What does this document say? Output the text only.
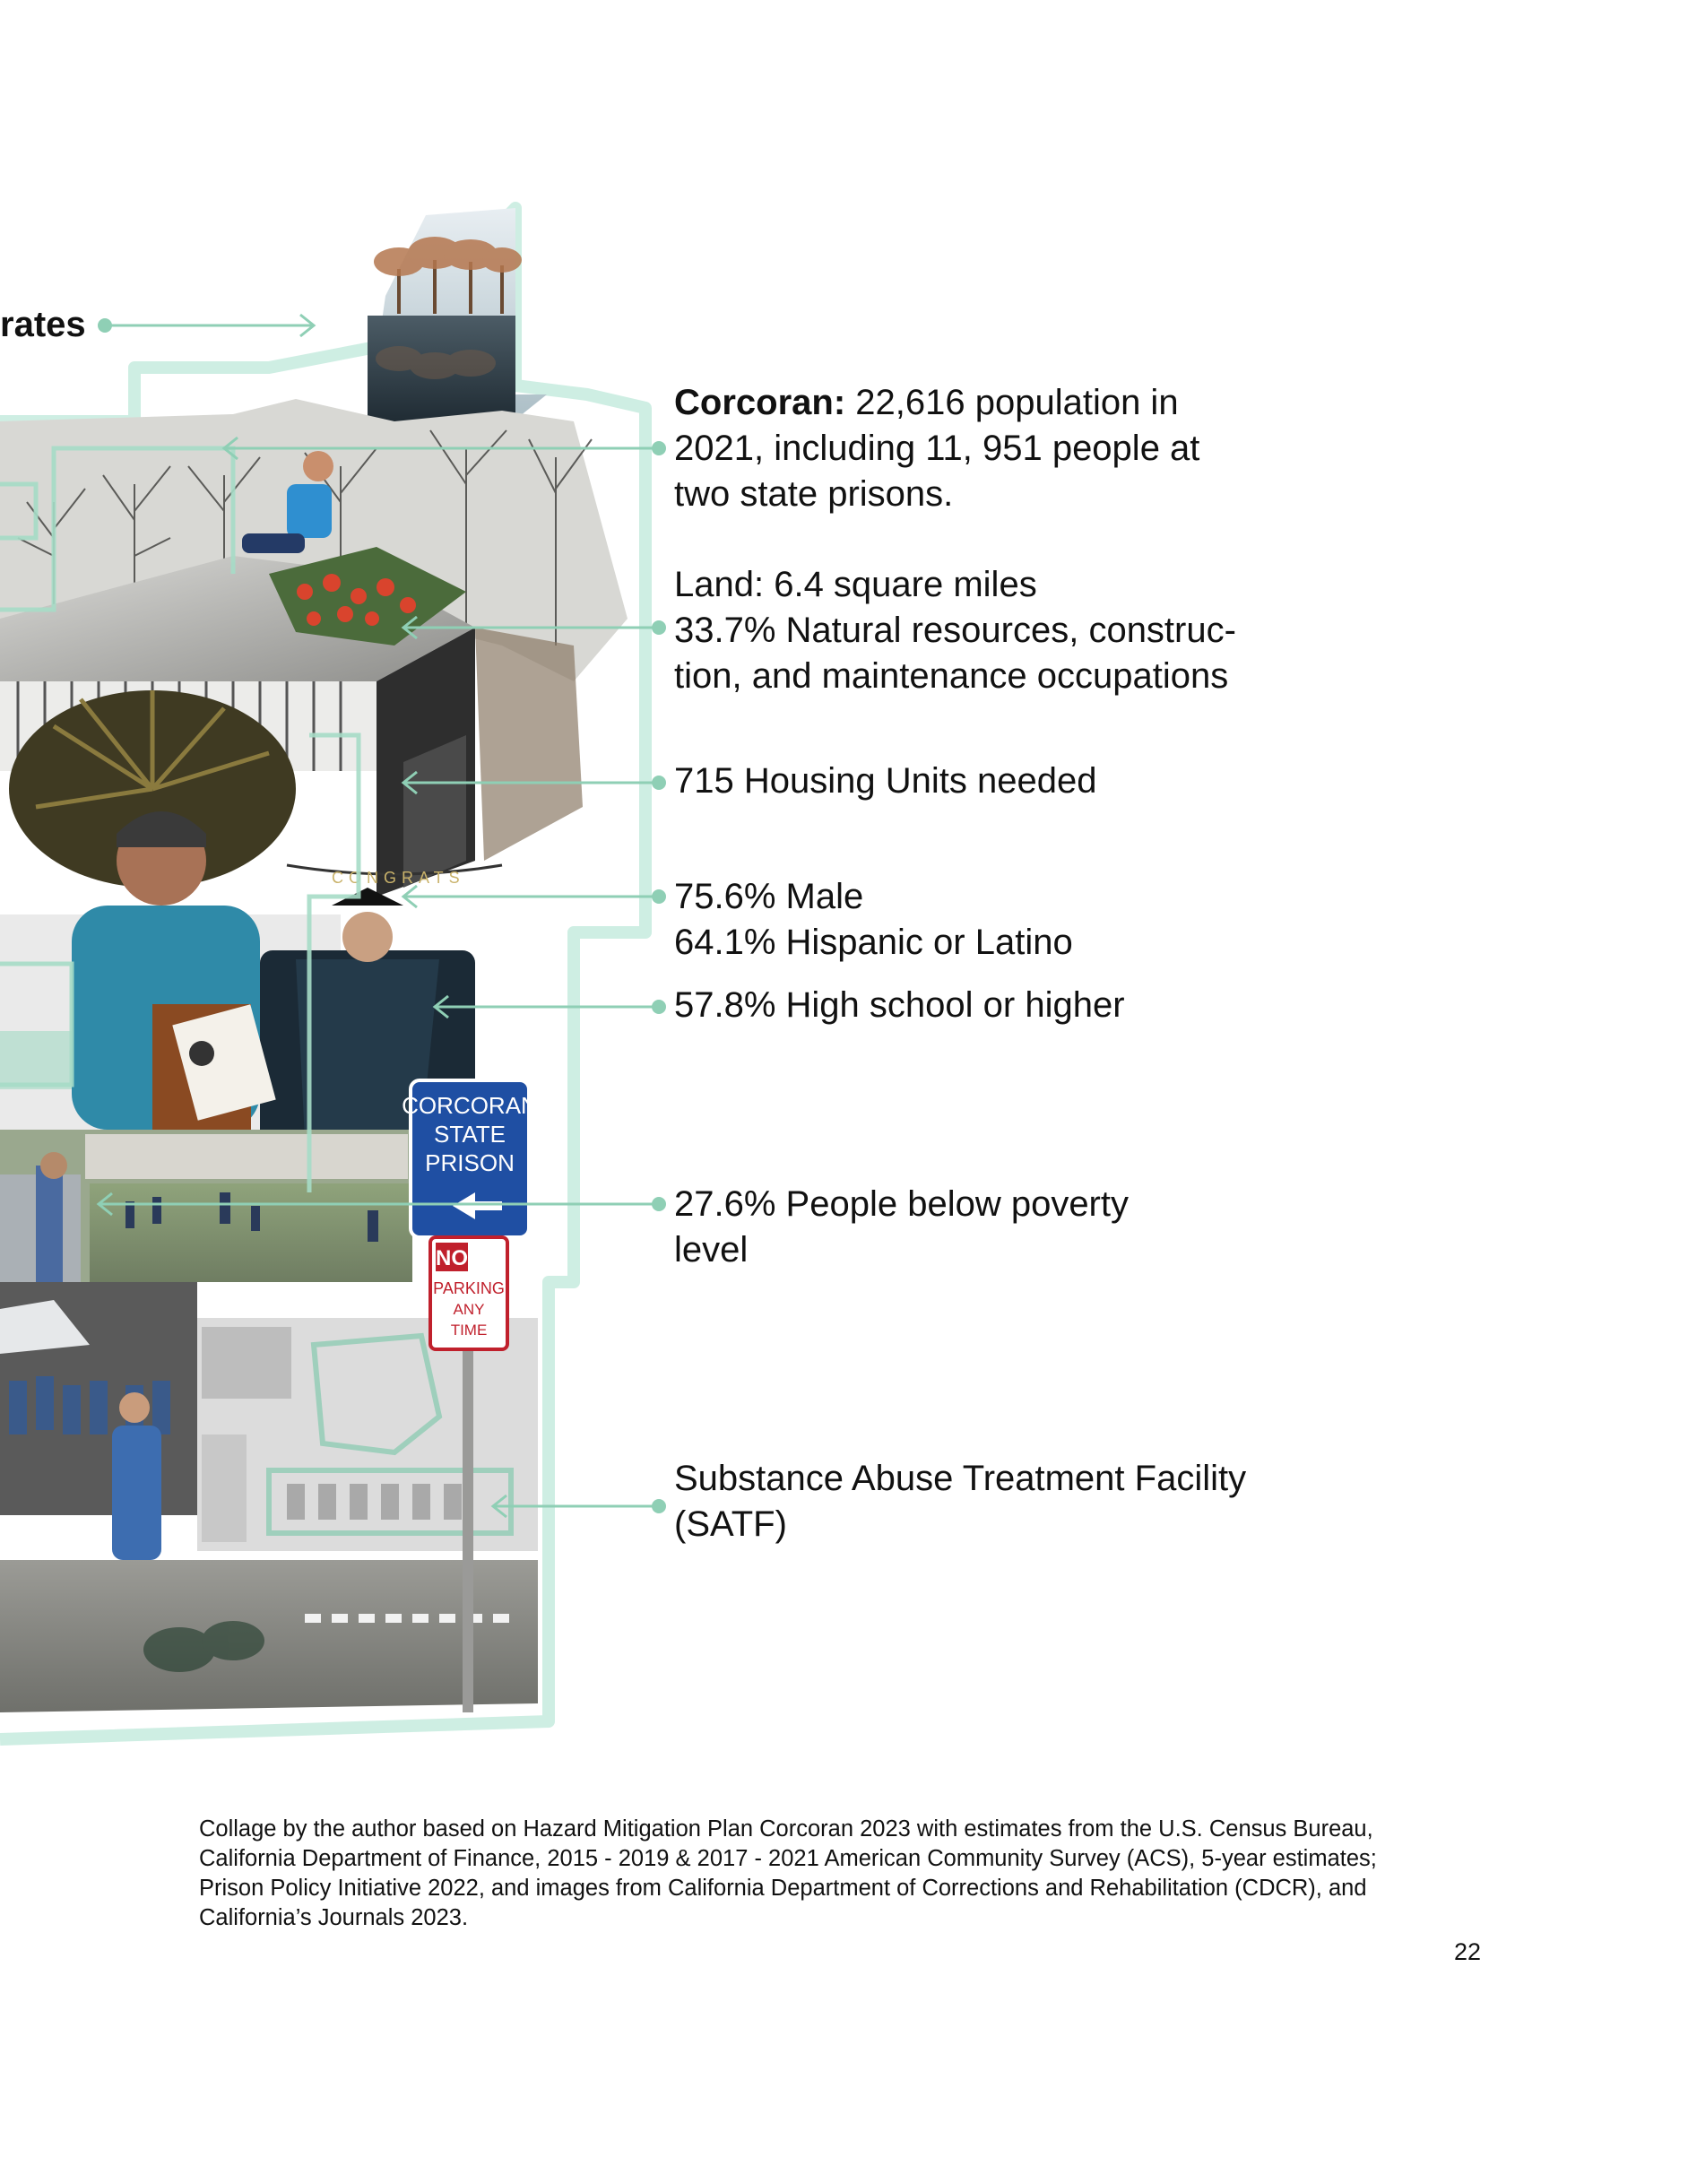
CONGRATS
CORCORAN
STATE
PRISON
NO
PARKING
ANY
TIME
rates
Corcoran: 22,616 population in
2021, including 11, 951 people at
two state prisons.
Land: 6.4 square miles
33.7% Natural resources, construc-
tion, and maintenance occupations
715 Housing Units needed
75.6% Male
64.1% Hispanic or Latino
57.8% High school or higher
27.6% People below poverty
level
Substance Abuse Treatment Facility
(SATF)

Collage by the author based on Hazard Mitigation Plan Corcoran 2023 with estimates from the U.S. Census Bureau,
California Department of Finance, 2015 - 2019 & 2017 - 2021 American Community Survey (ACS), 5-year estimates;
Prison Policy Initiative 2022, and images from California Department of Corrections and Rehabilitation (CDCR), and
California’s Journals 2023.

22
